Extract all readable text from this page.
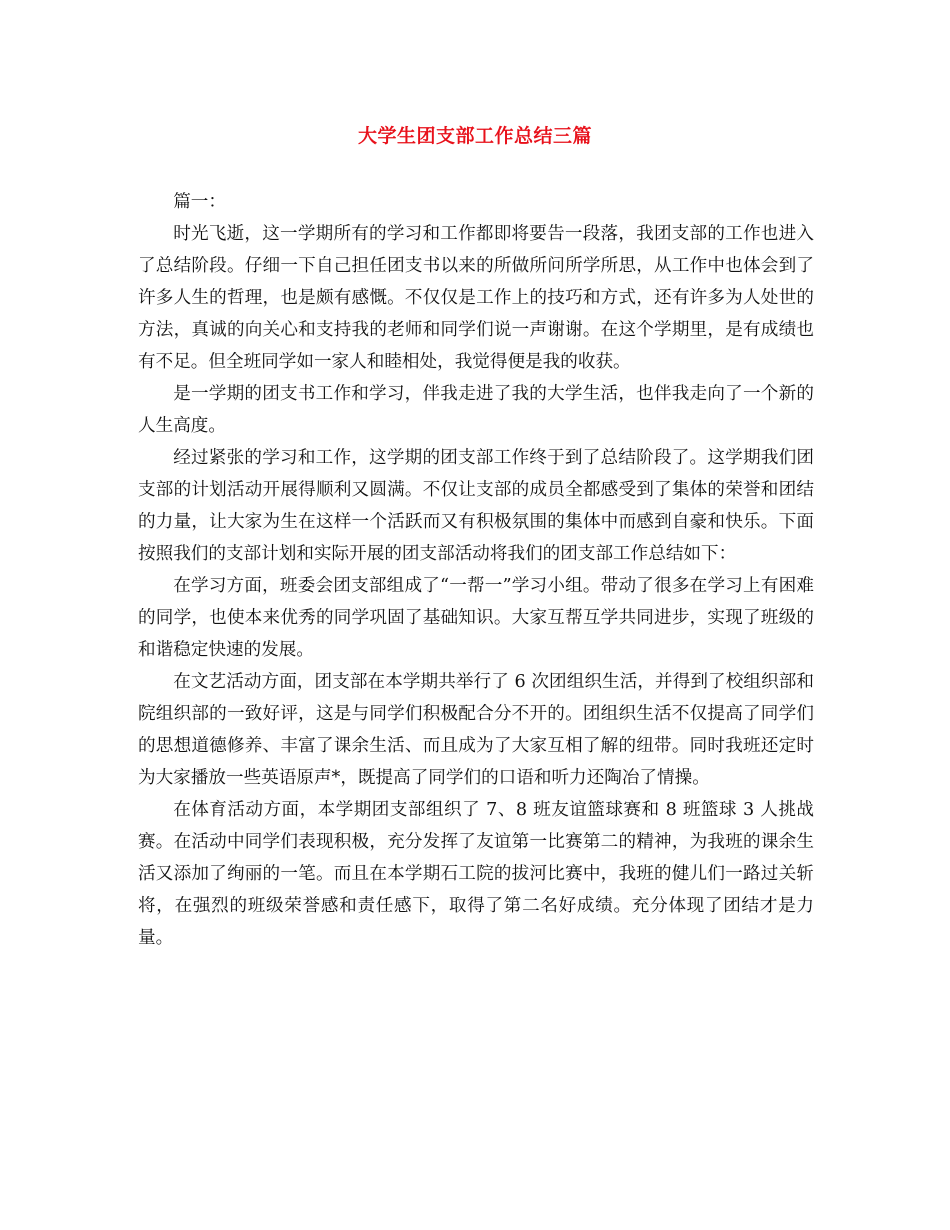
大学生团支部工作总结三篇

篇一：

时光飞逝，这一学期所有的学习和工作都即将要告一段落，我团支部的工作也进入了总结阶段。仔细一下自己担任团支书以来的所做所问所学所思，从工作中也体会到了许多人生的哲理，也是颇有感慨。不仅仅是工作上的技巧和方式，还有许多为人处世的方法，真诚的向关心和支持我的老师和同学们说一声谢谢。在这个学期里，是有成绩也有不足。但全班同学如一家人和睦相处，我觉得便是我的收获。

是一学期的团支书工作和学习，伴我走进了我的大学生活，也伴我走向了一个新的人生高度。

经过紧张的学习和工作，这学期的团支部工作终于到了总结阶段了。这学期我们团支部的计划活动开展得顺利又圆满。不仅让支部的成员全都感受到了集体的荣誉和团结的力量，让大家为生在这样一个活跃而又有积极氛围的集体中而感到自豪和快乐。下面按照我们的支部计划和实际开展的团支部活动将我们的团支部工作总结如下：

在学习方面，班委会团支部组成了“一帮一”学习小组。带动了很多在学习上有困难的同学，也使本来优秀的同学巩固了基础知识。大家互帮互学共同进步，实现了班级的和谐稳定快速的发展。

在文艺活动方面，团支部在本学期共举行了 6 次团组织生活，并得到了校组织部和院组织部的一致好评，这是与同学们积极配合分不开的。团组织生活不仅提高了同学们的思想道德修养、丰富了课余生活、而且成为了大家互相了解的纽带。同时我班还定时为大家播放一些英语原声*，既提高了同学们的口语和听力还陶冶了情操。

在体育活动方面，本学期团支部组织了 7、8 班友谊篮球赛和 8 班篮球 3 人挑战赛。在活动中同学们表现积极，充分发挥了友谊第一比赛第二的精神，为我班的课余生活又添加了绚丽的一笔。而且在本学期石工院的拔河比赛中，我班的健儿们一路过关斩将，在强烈的班级荣誉感和责任感下，取得了第二名好成绩。充分体现了团结才是力量。
